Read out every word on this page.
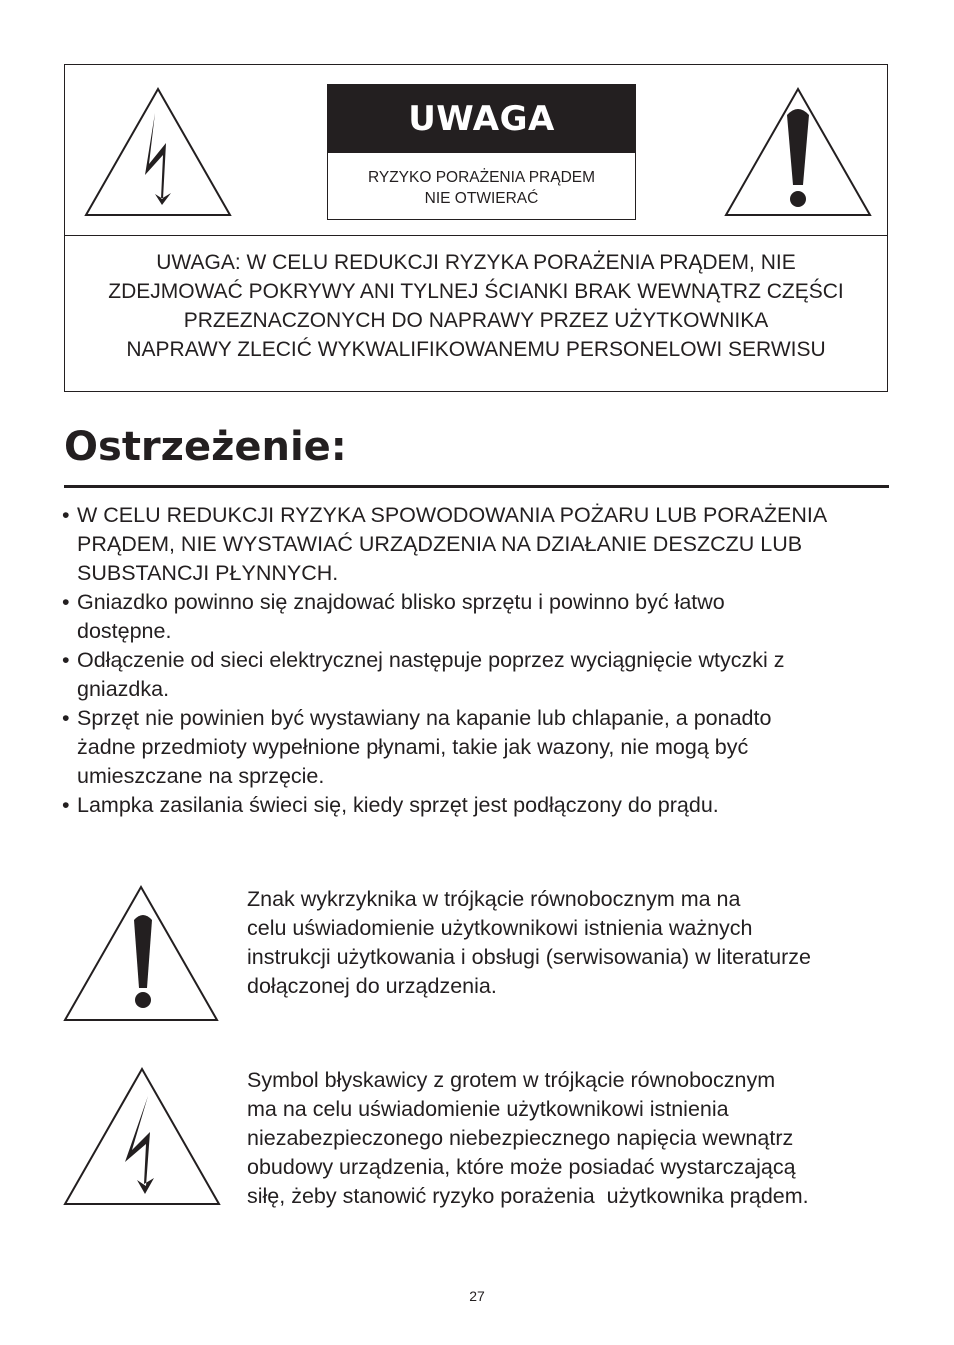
UWAGA
RYZYKO PORAŻENIA PRĄDEM
NIE OTWIERAĆ
UWAGA: W CELU REDUKCJI RYZYKA PORAŻENIA PRĄDEM, NIE
ZDEJMOWAĆ POKRYWY ANI TYLNEJ ŚCIANKI BRAK WEWNĄTRZ CZĘŚCI
PRZEZNACZONYCH DO NAPRAWY PRZEZ UŻYTKOWNIKA
NAPRAWY ZLECIĆ WYKWALIFIKOWANEMU PERSONELOWI SERWISU
Ostrzeżenie:
• W CELU REDUKCJI RYZYKA SPOWODOWANIA POŻARU LUB PORAŻENIA
PRĄDEM, NIE WYSTAWIAĆ URZĄDZENIA NA DZIAŁANIE DESZCZU LUB
SUBSTANCJI PŁYNNYCH.
• Gniazdko powinno się znajdować blisko sprzętu i powinno być łatwo
dostępne.
• Odłączenie od sieci elektrycznej następuje poprzez wyciągnięcie wtyczki z
gniazdka.
• Sprzęt nie powinien być wystawiany na kapanie lub chlapanie, a ponadto
żadne przedmioty wypełnione płynami, takie jak wazony, nie mogą być
umieszczane na sprzęcie.
• Lampka zasilania świeci się, kiedy sprzęt jest podłączony do prądu.
Znak wykrzyknika w trójkącie równobocznym ma na
celu uświadomienie użytkownikowi istnienia ważnych
instrukcji użytkowania i obsługi (serwisowania) w literaturze
dołączonej do urządzenia.
Symbol błyskawicy z grotem w trójkącie równobocznym
ma na celu uświadomienie użytkownikowi istnienia
niezabezpieczonego niebezpiecznego napięcia wewnątrz
obudowy urządzenia, które może posiadać wystarczającą
siłę, żeby stanowić ryzyko porażenia  użytkownika prądem.
27
